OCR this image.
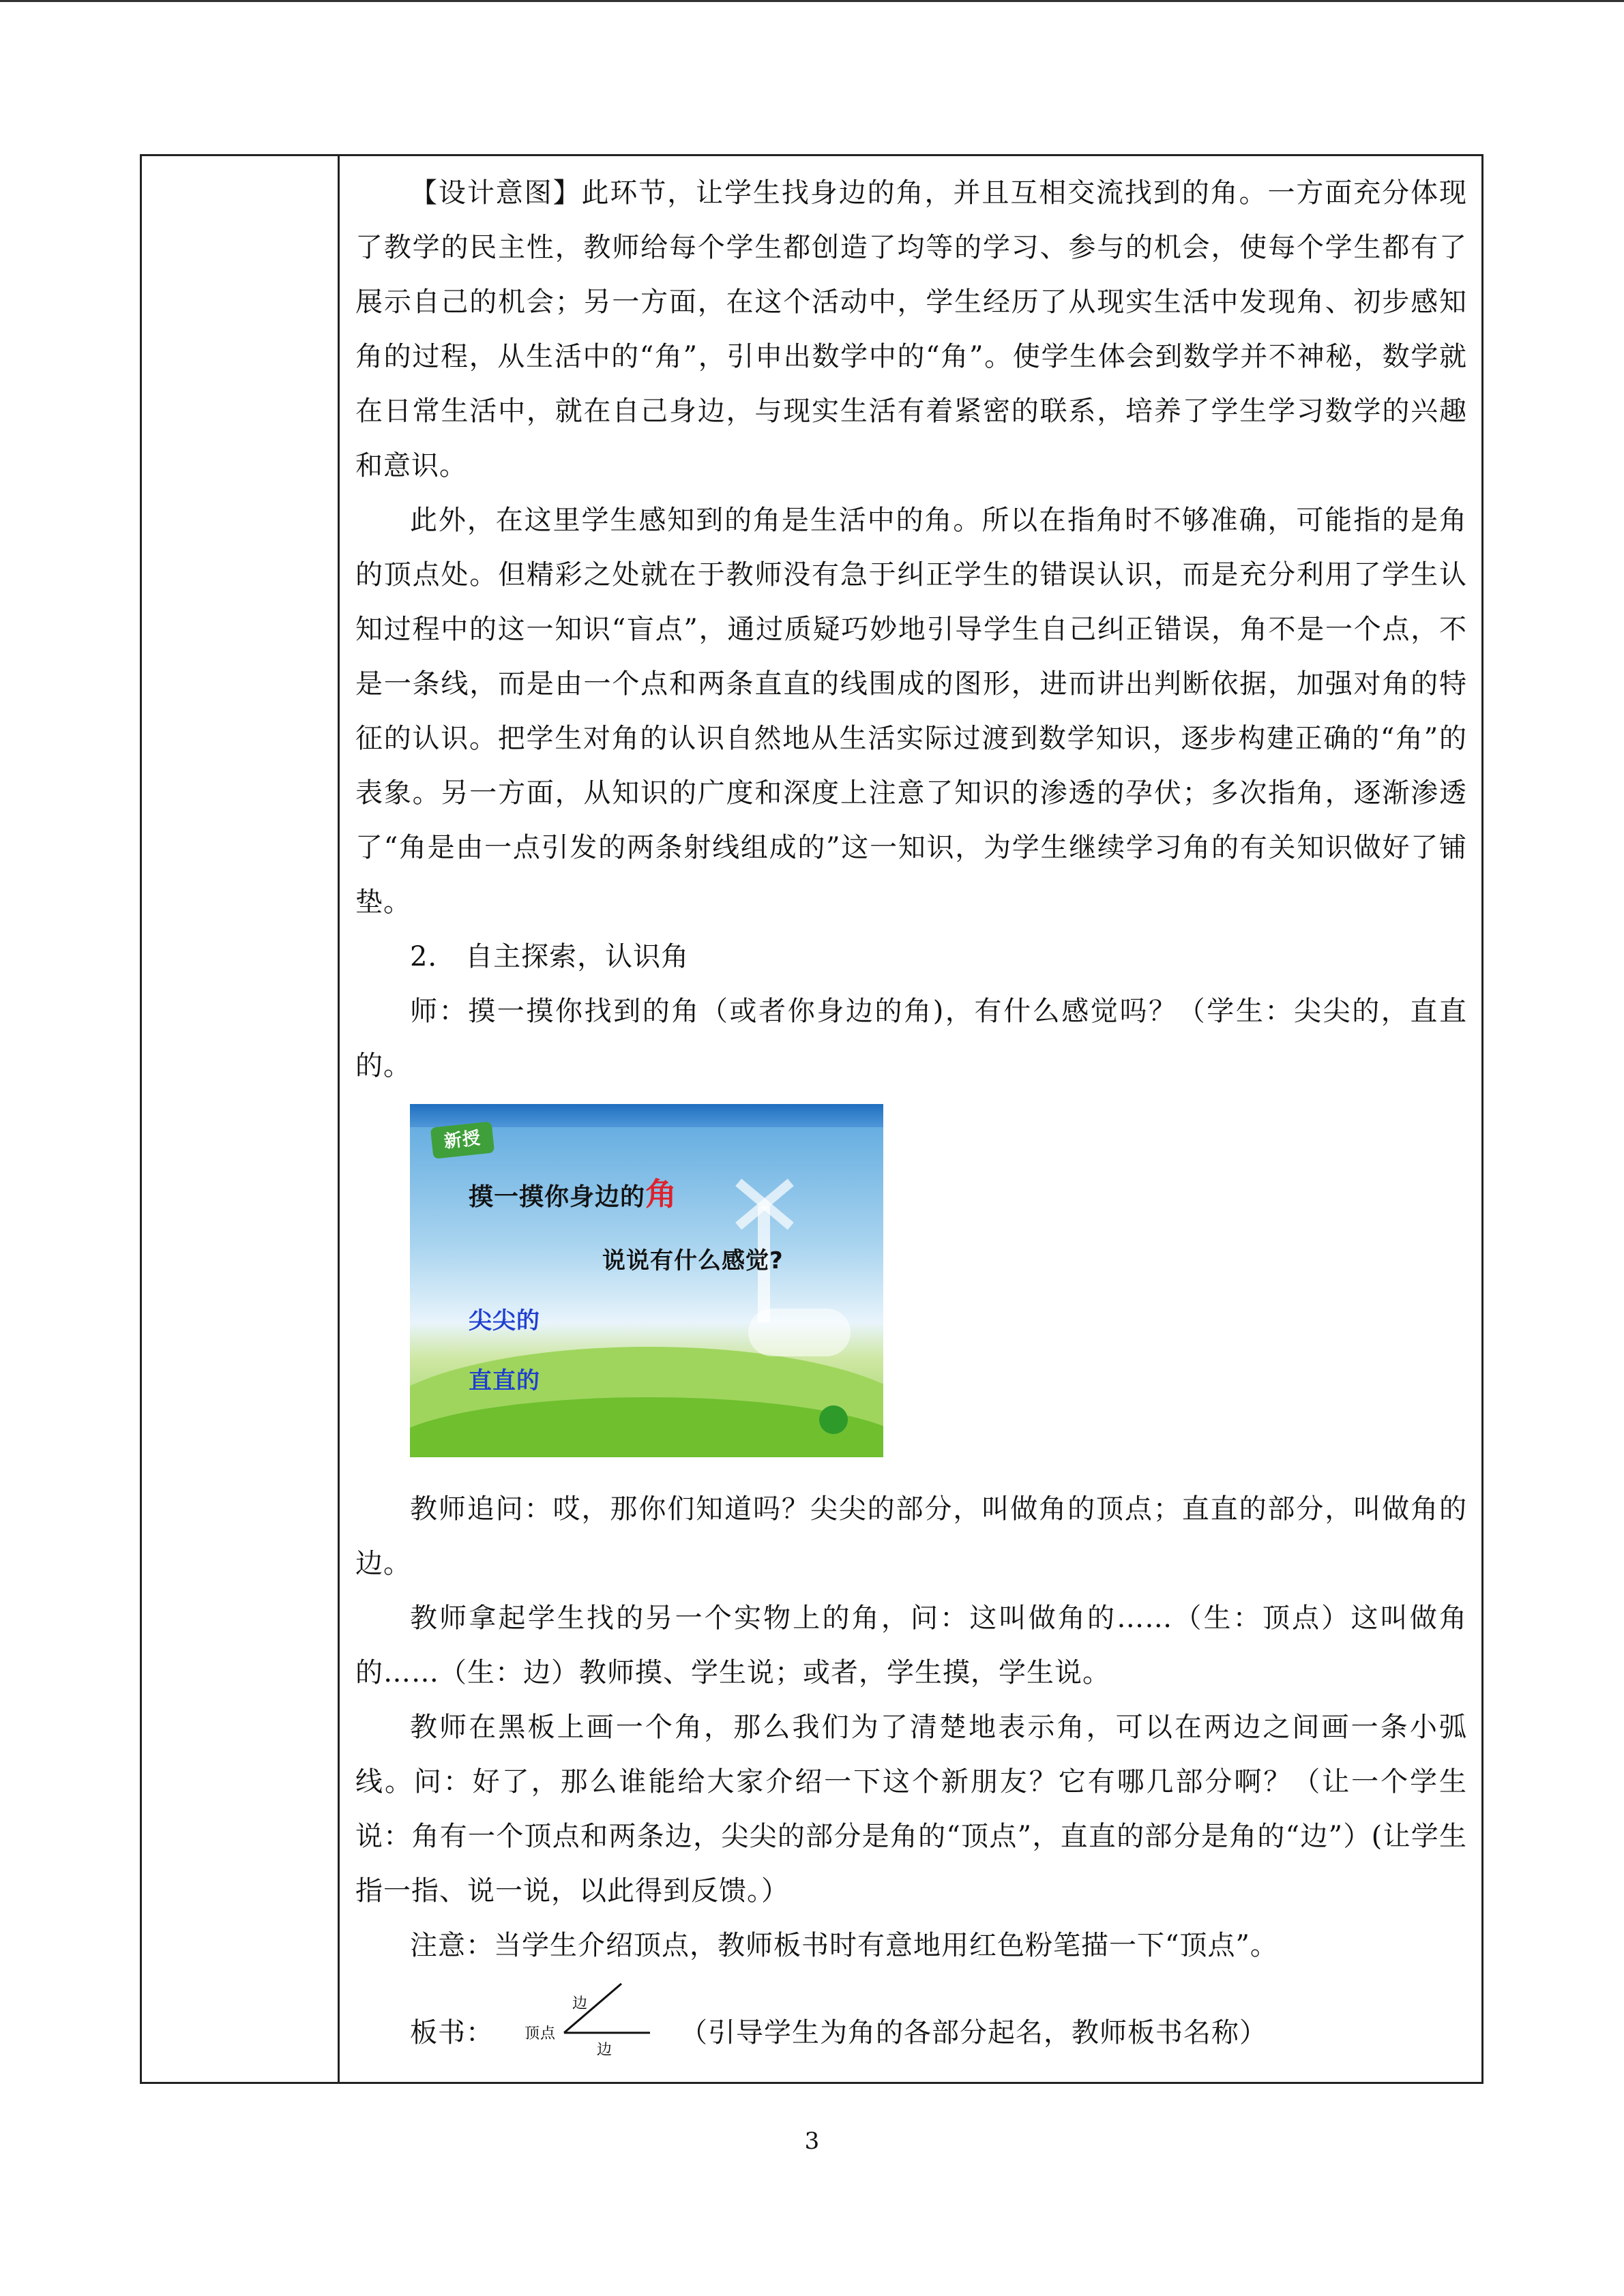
【设计意图】此环节，让学生找身边的角，并且互相交流找到的角。一方面充分体现了教学的民主性，教师给每个学生都创造了均等的学习、参与的机会，使每个学生都有了展示自己的机会；另一方面，在这个活动中，学生经历了从现实生活中发现角、初步感知角的过程，从生活中的“角”，引申出数学中的“角”。使学生体会到数学并不神秘，数学就在日常生活中，就在自己身边，与现实生活有着紧密的联系，培养了学生学习数学的兴趣和意识。

此外，在这里学生感知到的角是生活中的角。所以在指角时不够准确，可能指的是角的顶点处。但精彩之处就在于教师没有急于纠正学生的错误认识，而是充分利用了学生认知过程中的这一知识“盲点”，通过质疑巧妙地引导学生自己纠正错误，角不是一个点，不是一条线，而是由一个点和两条直直的线围成的图形，进而讲出判断依据，加强对角的特征的认识。把学生对角的认识自然地从生活实际过渡到数学知识，逐步构建正确的“角”的表象。另一方面，从知识的广度和深度上注意了知识的渗透的孕伏；多次指角，逐渐渗透了“角是由一点引发的两条射线组成的”这一知识，为学生继续学习角的有关知识做好了铺垫。

2． 自主探索，认识角

师：摸一摸你找到的角（或者你身边的角)，有什么感觉吗？（学生：尖尖的，直直的。

新授
摸一摸你身边的角
说说有什么感觉?
尖尖的
直直的

教师追问：哎，那你们知道吗？尖尖的部分，叫做角的顶点；直直的部分，叫做角的边。

教师拿起学生找的另一个实物上的角，问：这叫做角的……（生：顶点）这叫做角的……（生：边）教师摸、学生说；或者，学生摸，学生说。

教师在黑板上画一个角，那么我们为了清楚地表示角，可以在两边之间画一条小弧线。问：好了，那么谁能给大家介绍一下这个新朋友？它有哪几部分啊？（让一个学生说：角有一个顶点和两条边，尖尖的部分是角的“顶点”，直直的部分是角的“边”）(让学生指一指、说一说，以此得到反馈。）

注意：当学生介绍顶点，教师板书时有意地用红色粉笔描一下“顶点”。

板书：
边
顶点
边
（引导学生为角的各部分起名，教师板书名称）
3
